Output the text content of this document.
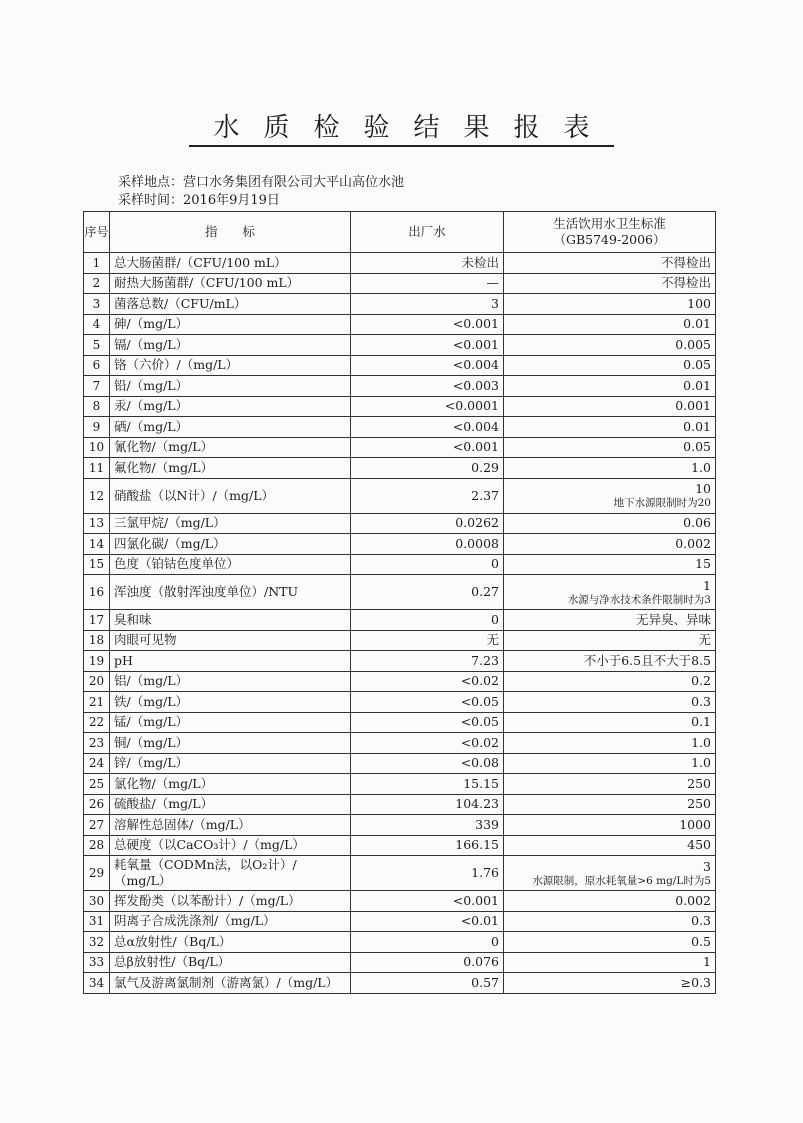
水质检验结果报表
采样地点：营口水务集团有限公司大平山高位水池
采样时间：2016年9月19日
序号	指　　标	出厂水	生活饮用水卫生标准
（GB5749-2006）

1	总大肠菌群/（CFU/100 mL）	未检出	不得检出

2	耐热大肠菌群/（CFU/100 mL）	—	不得检出

3	菌落总数/（CFU/mL）	3	100

4	砷/（mg/L）	<0.001	0.01

5	镉/（mg/L）	<0.001	0.005

6	铬（六价）/（mg/L）	<0.004	0.05

7	铅/（mg/L）	<0.003	0.01

8	汞/（mg/L）	<0.0001	0.001

9	硒/（mg/L）	<0.004	0.01

10	氰化物/（mg/L）	<0.001	0.05

11	氟化物/（mg/L）	0.29	1.0

12	硝酸盐（以N计）/（mg/L）	2.37	10
地下水源限制时为20

13	三氯甲烷/（mg/L）	0.0262	0.06

14	四氯化碳/（mg/L）	0.0008	0.002

15	色度（铂钴色度单位）	0	15

16	浑浊度（散射浑浊度单位）/NTU	0.27	1
水源与净水技术条件限制时为3

17	臭和味	0	无异臭、异味

18	肉眼可见物	无	无

19	pH	7.23	不小于6.5且不大于8.5

20	铝/（mg/L）	<0.02	0.2

21	铁/（mg/L）	<0.05	0.3

22	锰/（mg/L）	<0.05	0.1

23	铜/（mg/L）	<0.02	1.0

24	锌/（mg/L）	<0.08	1.0

25	氯化物/（mg/L）	15.15	250

26	硫酸盐/（mg/L）	104.23	250

27	溶解性总固体/（mg/L）	339	1000

28	总硬度（以CaCO₃计）/（mg/L）	166.15	450

29	耗氧量（CODMn法，以O₂计）/（mg/L）	1.76	3
水源限制，原水耗氧量>6 mg/L时为5

30	挥发酚类（以苯酚计）/（mg/L）	<0.001	0.002

31	阴离子合成洗涤剂/（mg/L）	<0.01	0.3

32	总α放射性/（Bq/L）	0	0.5

33	总β放射性/（Bq/L）	0.076	1

34	氯气及游离氯制剂（游离氯）/（mg/L）	0.57	≥0.3
